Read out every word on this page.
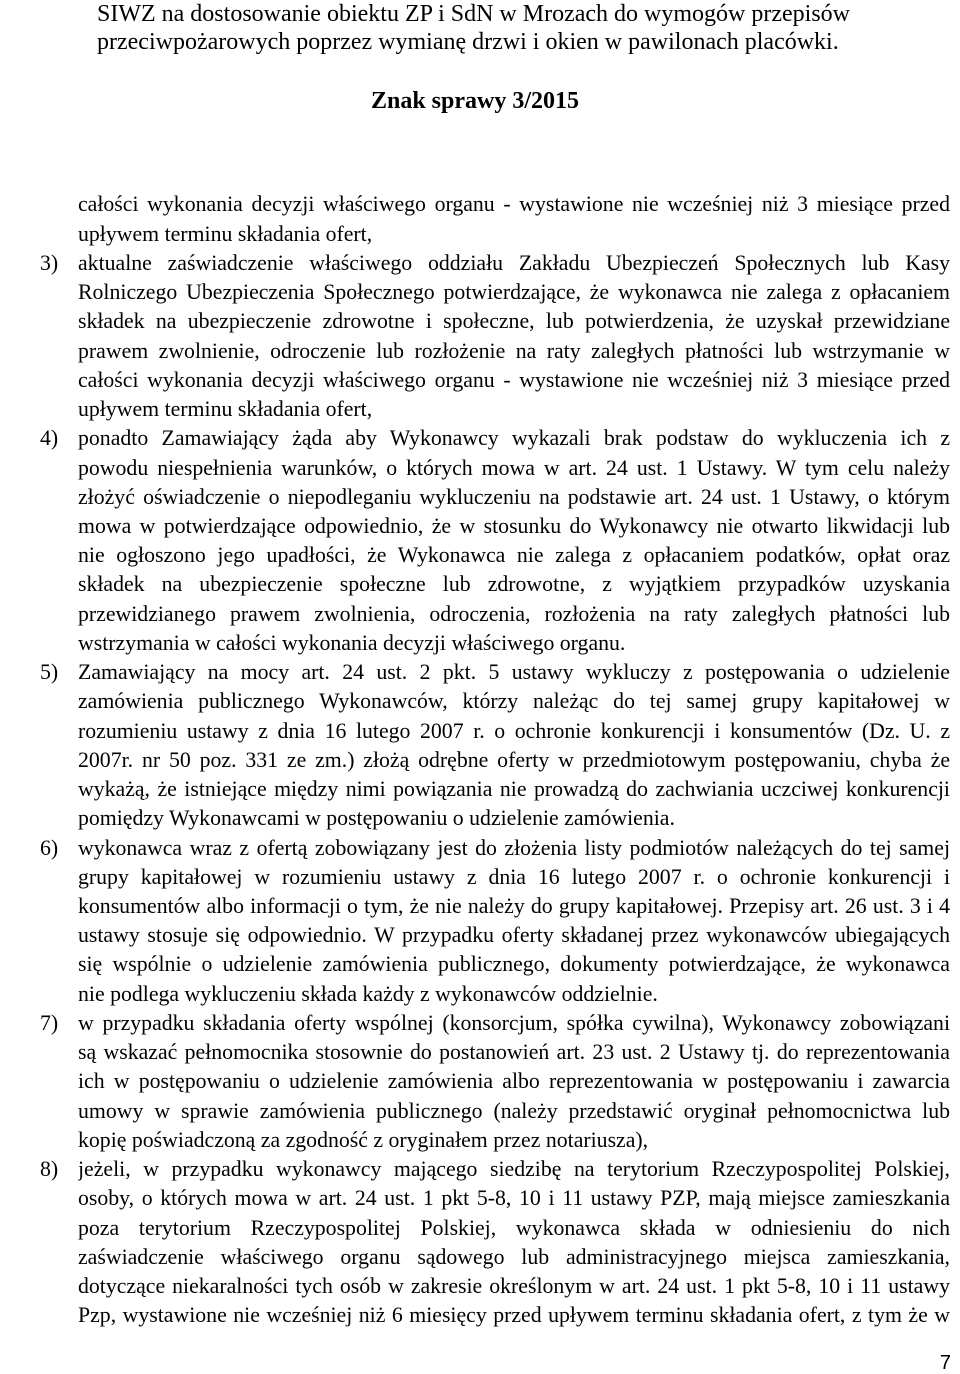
SIWZ na dostosowanie obiektu ZP i SdN w Mrozach do wymogów przepisów
przeciwpożarowych poprzez wymianę drzwi i okien w pawilonach placówki.
Znak sprawy 3/2015
całości wykonania decyzji właściwego organu - wystawione nie wcześniej niż 3 miesiące przed
upływem terminu składania ofert,
3) aktualne zaświadczenie właściwego oddziału Zakładu Ubezpieczeń Społecznych lub Kasy
Rolniczego Ubezpieczenia Społecznego potwierdzające, że wykonawca nie zalega z opłacaniem
składek na ubezpieczenie zdrowotne i społeczne, lub potwierdzenia, że uzyskał przewidziane
prawem zwolnienie, odroczenie lub rozłożenie na raty zaległych płatności lub wstrzymanie w
całości wykonania decyzji właściwego organu - wystawione nie wcześniej niż 3 miesiące przed
upływem terminu składania ofert,
4) ponadto Zamawiający żąda aby Wykonawcy wykazali brak podstaw do wykluczenia ich z
powodu niespełnienia warunków, o których mowa w art. 24 ust. 1 Ustawy. W tym celu należy
złożyć oświadczenie o niepodleganiu wykluczeniu na podstawie art. 24 ust. 1 Ustawy, o którym
mowa w potwierdzające odpowiednio, że w stosunku do Wykonawcy nie otwarto likwidacji lub
nie ogłoszono jego upadłości, że Wykonawca nie zalega z opłacaniem podatków, opłat oraz
składek na ubezpieczenie społeczne lub zdrowotne, z wyjątkiem przypadków uzyskania
przewidzianego prawem zwolnienia, odroczenia, rozłożenia na raty zaległych płatności lub
wstrzymania w całości wykonania decyzji właściwego organu.
5) Zamawiający na mocy art. 24 ust. 2 pkt. 5 ustawy wykluczy z postępowania o udzielenie
zamówienia publicznego Wykonawców, którzy należąc do tej samej grupy kapitałowej w
rozumieniu ustawy z dnia 16 lutego 2007 r. o ochronie konkurencji i konsumentów (Dz. U. z
2007r. nr 50 poz. 331 ze zm.) złożą odrębne oferty w przedmiotowym postępowaniu, chyba że
wykażą, że istniejące między nimi powiązania nie prowadzą do zachwiania uczciwej konkurencji
pomiędzy Wykonawcami w postępowaniu o udzielenie zamówienia.
6) wykonawca wraz z ofertą zobowiązany jest do złożenia listy podmiotów należących do tej samej
grupy kapitałowej w rozumieniu ustawy z dnia 16 lutego 2007 r. o ochronie konkurencji i
konsumentów albo informacji o tym, że nie należy do grupy kapitałowej. Przepisy art. 26 ust. 3 i 4
ustawy stosuje się odpowiednio. W przypadku oferty składanej przez wykonawców ubiegających
się wspólnie o udzielenie zamówienia publicznego, dokumenty potwierdzające, że wykonawca
nie podlega wykluczeniu składa każdy z wykonawców oddzielnie.
7) w przypadku składania oferty wspólnej (konsorcjum, spółka cywilna), Wykonawcy zobowiązani
są wskazać pełnomocnika stosownie do postanowień art. 23 ust. 2 Ustawy tj. do reprezentowania
ich w postępowaniu o udzielenie zamówienia albo reprezentowania w postępowaniu i zawarcia
umowy w sprawie zamówienia publicznego (należy przedstawić oryginał pełnomocnictwa lub
kopię poświadczoną za zgodność z oryginałem przez notariusza),
8) jeżeli, w przypadku wykonawcy mającego siedzibę na terytorium Rzeczypospolitej Polskiej,
osoby, o których mowa w art. 24 ust. 1 pkt 5-8, 10 i 11 ustawy PZP, mają miejsce zamieszkania
poza terytorium Rzeczypospolitej Polskiej, wykonawca składa w odniesieniu do nich
zaświadczenie właściwego organu sądowego lub administracyjnego miejsca zamieszkania,
dotyczące niekaralności tych osób w zakresie określonym w art. 24 ust. 1 pkt 5-8, 10 i 11 ustawy
Pzp, wystawione nie wcześniej niż 6 miesięcy przed upływem terminu składania ofert, z tym że w
7
